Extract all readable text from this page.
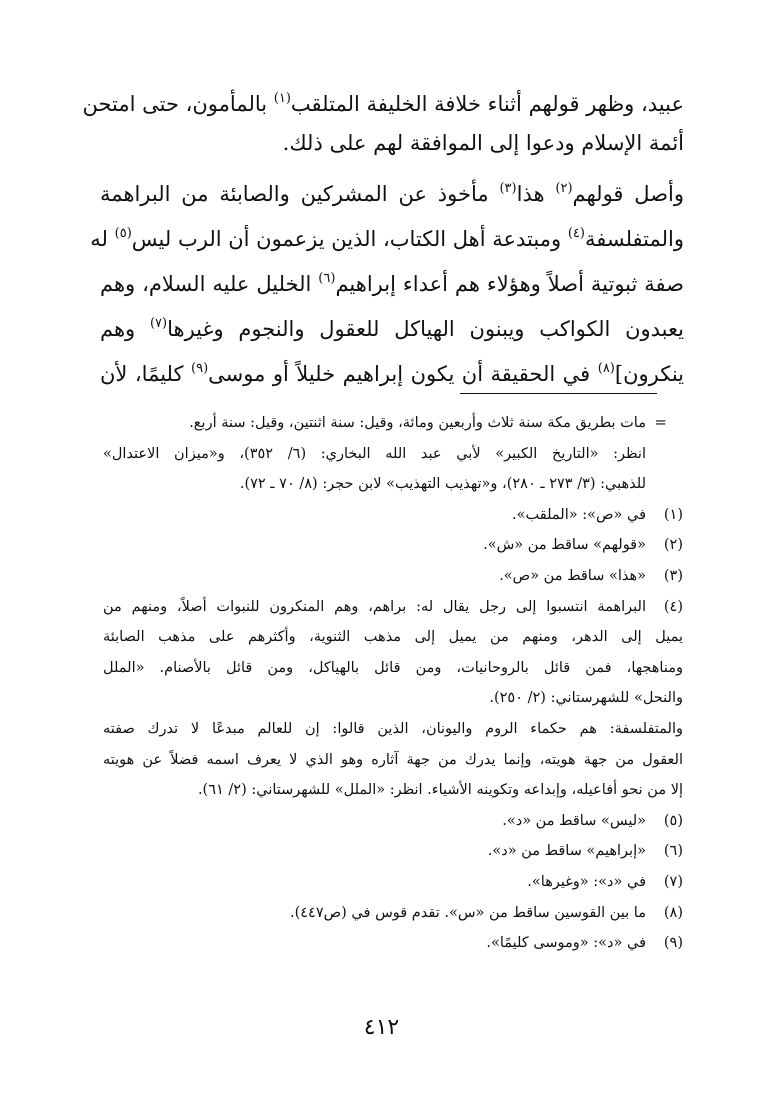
عبيد، وظهر قولهم أثناء خلافة الخليفة المتلقب$^{(١)}$ بالمأمون، حتى امتحن
أئمة الإسلام ودعوا إلى الموافقة لهم على ذلك.
وأصل قولهم$^{(٢)}$ هذا$^{(٣)}$ مأخوذ عن المشركين والصابئة من البراهمة
والمتفلسفة$^{(٤)}$ ومبتدعة أهل الكتاب، الذين يزعمون أن الرب ليس$^{(٥)}$ له
صفة ثبوتية أصلاً وهؤلاء هم أعداء إبراهيم$^{(٦)}$ الخليل عليه السلام، وهم
يعبدون الكواكب ويبنون الهياكل للعقول والنجوم وغيرها$^{(٧)}$ وهم
ينكرون]$^{(٨)}$ في الحقيقة أن يكون إبراهيم خليلاً أو موسى$^{(٩)}$ كليمًا، لأن
=
مات بطريق مكة سنة ثلاث وأربعين ومائة، وقيل: سنة اثنتين، وقيل: سنة أربع.
انظر: «التاريخ الكبير» لأبي عبد الله البخاري: (٦/ ٣٥٢)، و«ميزان الاعتدال»
للذهبي: (٣/ ٢٧٣ ـ ٢٨٠)، و«تهذيب التهذيب» لابن حجر: (٨/ ٧٠ ـ ٧٢).
(١)
في «ص»: «الملقب».
(٢)
«قولهم» ساقط من «ش».
(٣)
«هذا» ساقط من «ص».
(٤)
البراهمة انتسبوا إلى رجل يقال له: براهم، وهم المنكرون للنبوات أصلاً، ومنهم من
يميل إلى الدهر، ومنهم من يميل إلى مذهب الثنوية، وأكثرهم على مذهب الصابئة
ومناهجها، فمن قائل بالروحانيات، ومن قائل بالهياكل، ومن قائل بالأصنام. «الملل
والنحل» للشهرستاني: (٢/ ٢٥٠).
والمتفلسفة: هم حكماء الروم واليونان، الذين قالوا: إن للعالم مبدعًا لا تدرك صفته
العقول من جهة هويته، وإنما يدرك من جهة آثاره وهو الذي لا يعرف اسمه فضلاً عن هويته
إلا من نحو أفاعيله، وإبداعه وتكوينه الأشياء. انظر: «الملل» للشهرستاني: (٢/ ٦١).
(٥)
«ليس» ساقط من «د».
(٦)
«إبراهيم» ساقط من «د».
(٧)
في «د»: «وغيرها».
(٨)
ما بين القوسين ساقط من «س». تقدم قوس في (ص٤٤٧).
(٩)
في «د»: «وموسى كليمًا».
٤١٢
